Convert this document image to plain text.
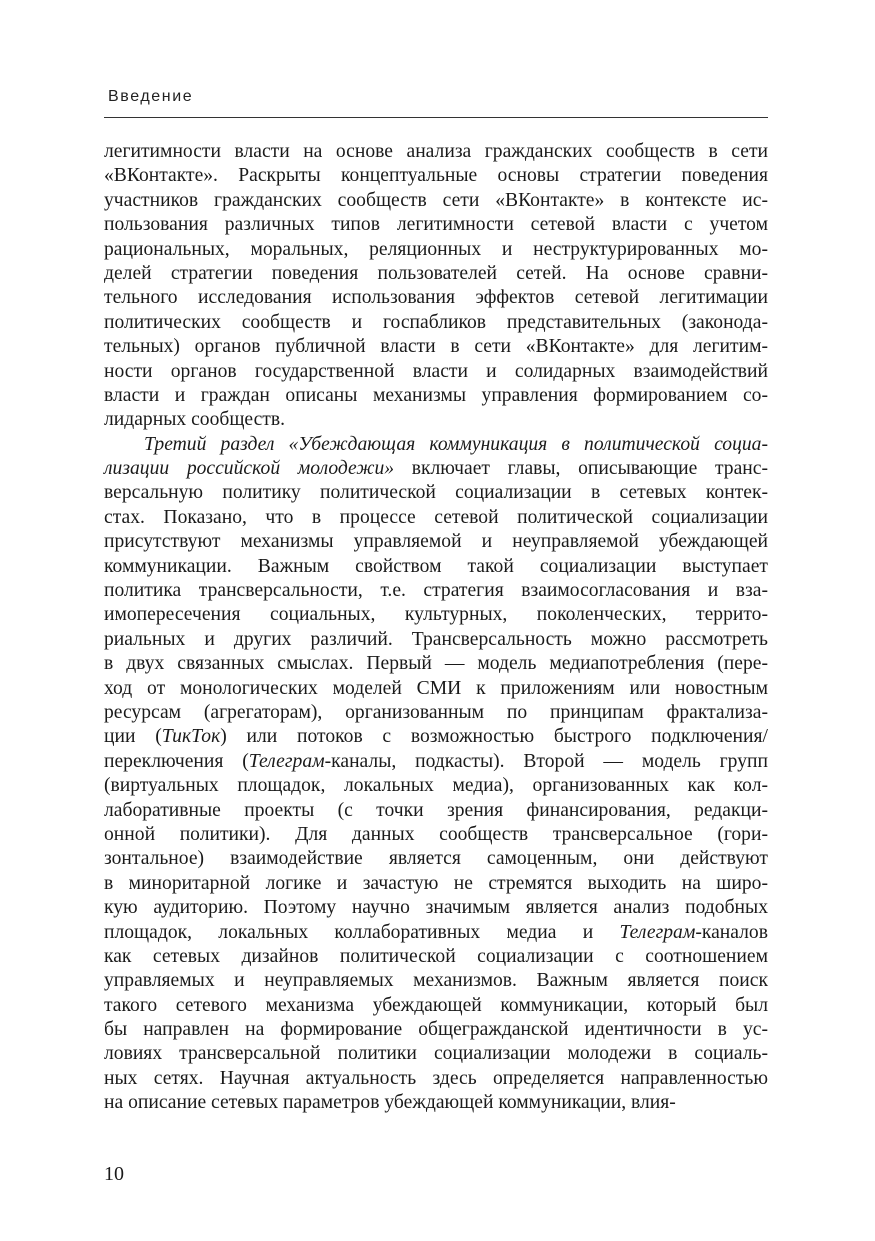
Введение
легитимности власти на основе анализа гражданских сообществ в сети
«ВКонтакте». Раскрыты концептуальные основы стратегии поведения
участников гражданских сообществ сети «ВКонтакте» в контексте ис-
пользования различных типов легитимности сетевой власти с учетом
рациональных, моральных, реляционных и неструктурированных мо-
делей стратегии поведения пользователей сетей. На основе сравни-
тельного исследования использования эффектов сетевой легитимации
политических сообществ и госпабликов представительных (законода-
тельных) органов публичной власти в сети «ВКонтакте» для легитим-
ности органов государственной власти и солидарных взаимодействий
власти и граждан описаны механизмы управления формированием со-
лидарных сообществ.
Третий раздел «Убеждающая коммуникация в политической социа-
лизации российской молодежи» включает главы, описывающие транс-
версальную политику политической социализации в сетевых контек-
стах. Показано, что в процессе сетевой политической социализации
присутствуют механизмы управляемой и неуправляемой убеждающей
коммуникации. Важным свойством такой социализации выступает
политика трансверсальности, т.е. стратегия взаимосогласования и вза-
имопересечения социальных, культурных, поколенческих, террито-
риальных и других различий. Трансверсальность можно рассмотреть
в двух связанных смыслах. Первый — модель медиапотребления (пере-
ход от монологических моделей СМИ к приложениям или новостным
ресурсам (агрегаторам), организованным по принципам фрактализа-
ции (ТикТок) или потоков с возможностью быстрого подключения/
переключения (Телеграм-каналы, подкасты). Второй — модель групп
(виртуальных площадок, локальных медиа), организованных как кол-
лаборативные проекты (с точки зрения финансирования, редакци-
онной политики). Для данных сообществ трансверсальное (гори-
зонтальное) взаимодействие является самоценным, они действуют
в миноритарной логике и зачастую не стремятся выходить на широ-
кую аудиторию. Поэтому научно значимым является анализ подобных
площадок, локальных коллаборативных медиа и Телеграм-каналов
как сетевых дизайнов политической социализации с соотношением
управляемых и неуправляемых механизмов. Важным является поиск
такого сетевого механизма убеждающей коммуникации, который был
бы направлен на формирование общегражданской идентичности в ус-
ловиях трансверсальной политики социализации молодежи в социаль-
ных сетях. Научная актуальность здесь определяется направленностью
на описание сетевых параметров убеждающей коммуникации, влия-
10
